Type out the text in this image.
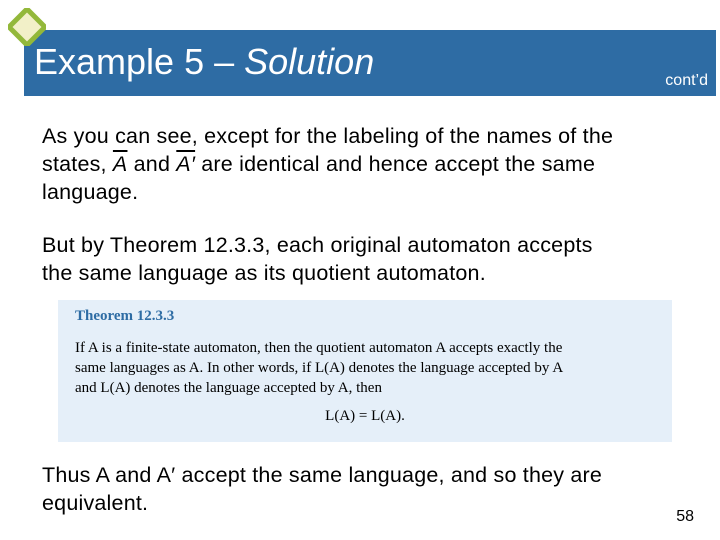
Example 5 – Solution	cont’d
As you can see, except for the labeling of the names of the
states, $\overline{A}$ and A′ are identical and hence accept the same
language.
But by Theorem 12.3.3, each original automaton accepts
the same language as its quotient automaton.
Theorem 12.3.3
If A is a finite-state automaton, then the quotient automaton A accepts exactly the
same languages as A. In other words, if L(A) denotes the language accepted by A
and L(A) denotes the language accepted by A, then
L(A) = L(A).
Thus A and A′ accept the same language, and so they are
equivalent.
58
